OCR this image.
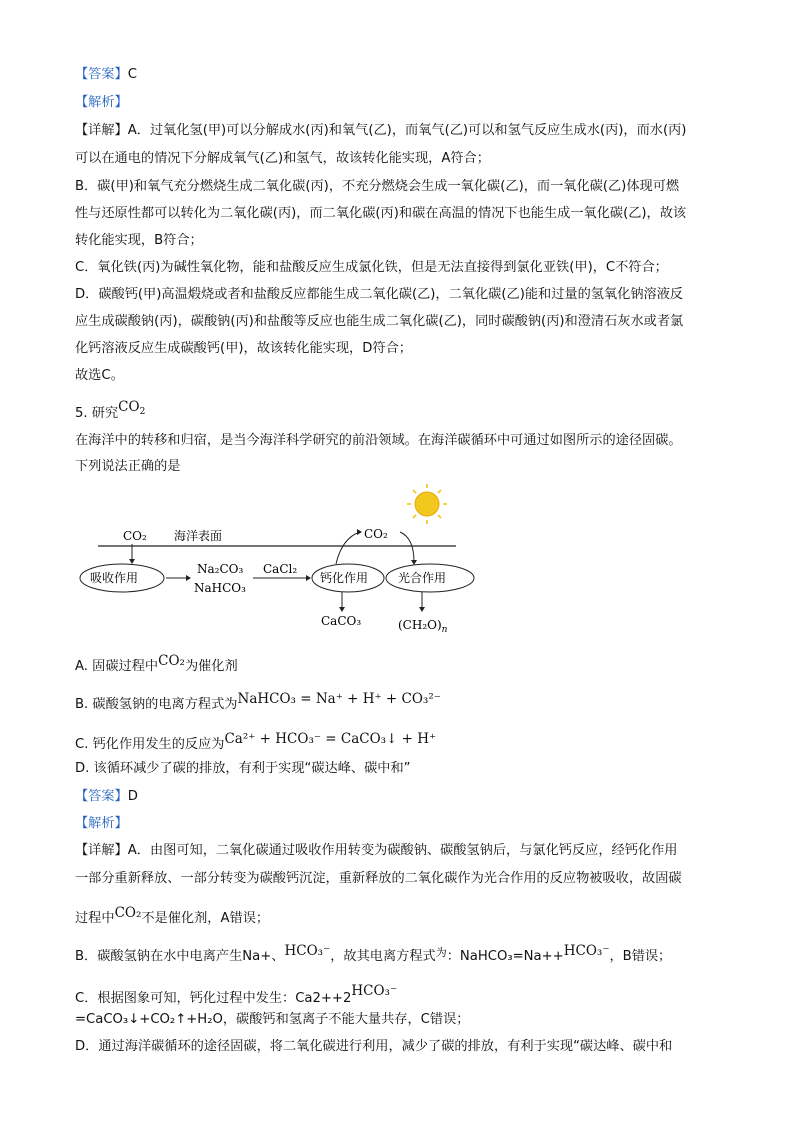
【答案】C
【解析】
【详解】A．过氧化氢(甲)可以分解成水(丙)和氧气(乙)，而氧气(乙)可以和氢气反应生成水(丙)，而水(丙)
可以在通电的情况下分解成氧气(乙)和氢气，故该转化能实现，A符合；
B．碳(甲)和氧气充分燃烧生成二氧化碳(丙)，不充分燃烧会生成一氧化碳(乙)，而一氧化碳(乙)体现可燃
性与还原性都可以转化为二氧化碳(丙)，而二氧化碳(丙)和碳在高温的情况下也能生成一氧化碳(乙)，故该
转化能实现，B符合；
C．氧化铁(丙)为碱性氧化物，能和盐酸反应生成氯化铁，但是无法直接得到氯化亚铁(甲)，C不符合；
D．碳酸钙(甲)高温煅烧或者和盐酸反应都能生成二氧化碳(乙)，二氧化碳(乙)能和过量的氢氧化钠溶液反
应生成碳酸钠(丙)，碳酸钠(丙)和盐酸等反应也能生成二氧化碳(乙)，同时碳酸钠(丙)和澄清石灰水或者氯
化钙溶液反应生成碳酸钙(甲)，故该转化能实现，D符合；
故选C。
5. 研究$CO_2$
在海洋中的转移和归宿，是当今海洋科学研究的前沿领域。在海洋碳循环中可通过如图所示的途径固碳。
下列说法正确的是
CO₂ 海洋表面	CO₂
吸收作用
Na₂CO₃
NaHCO₃
CaCl₂
钙化作用 光合作用
CaCO₃	$(CH_2O)_n$
A. 固碳过程中CO₂为催化剂
B. 碳酸氢钠的电离方程式为NaHCO₃ = Na⁺ + H⁺ + CO₃²⁻
C. 钙化作用发生的反应为Ca²⁺ + HCO₃⁻ = CaCO₃↓ + H⁺
D. 该循环减少了碳的排放，有利于实现“碳达峰、碳中和”
【答案】D
【解析】
【详解】A．由图可知，二氧化碳通过吸收作用转变为碳酸钠、碳酸氢钠后，与氯化钙反应，经钙化作用
一部分重新释放、一部分转变为碳酸钙沉淀，重新释放的二氧化碳作为光合作用的反应物被吸收，故固碳
过程中CO₂不是催化剂，A错误；
B．碳酸氢钠在水中电离产生Na+、HCO₃⁻，故其电离方程式$^为$：NaHCO₃=Na++HCO₃⁻，B错误；
C．根据图象可知，钙化过程中发生：Ca2++2HCO₃⁻
=CaCO₃↓+CO₂↑+H₂O，碳酸钙和氢离子不能大量共存，C错误；
D．通过海洋碳循环的途径固碳，将二氧化碳进行利用，减少了碳的排放，有利于实现“碳达峰、碳中和
